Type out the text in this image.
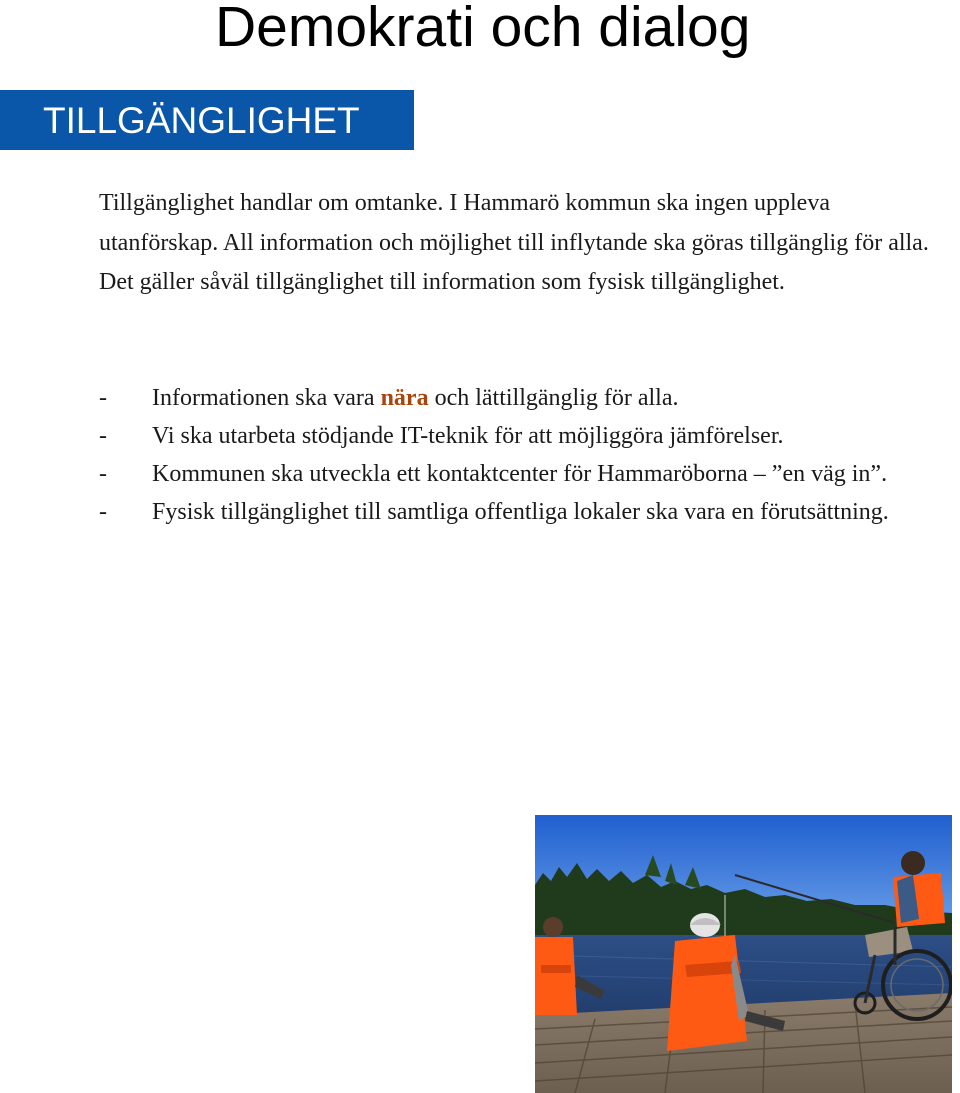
Demokrati och dialog
TILLGÄNGLIGHET

Tillgänglighet handlar om omtanke. I Hammarö kommun ska ingen uppleva utanförskap. All information och möjlighet till inflytande ska göras tillgänglig för alla. Det gäller såväl tillgänglighet till information som fysisk tillgänglighet.

- Informationen ska vara nära och lättillgänglig för alla.
- Vi ska utarbeta stödjande IT-teknik för att möjliggöra jämförelser.
- Kommunen ska utveckla ett kontaktcenter för Hammaröborna – ”en väg in”.
- Fysisk tillgänglighet till samtliga offentliga lokaler ska vara en förutsättning.
